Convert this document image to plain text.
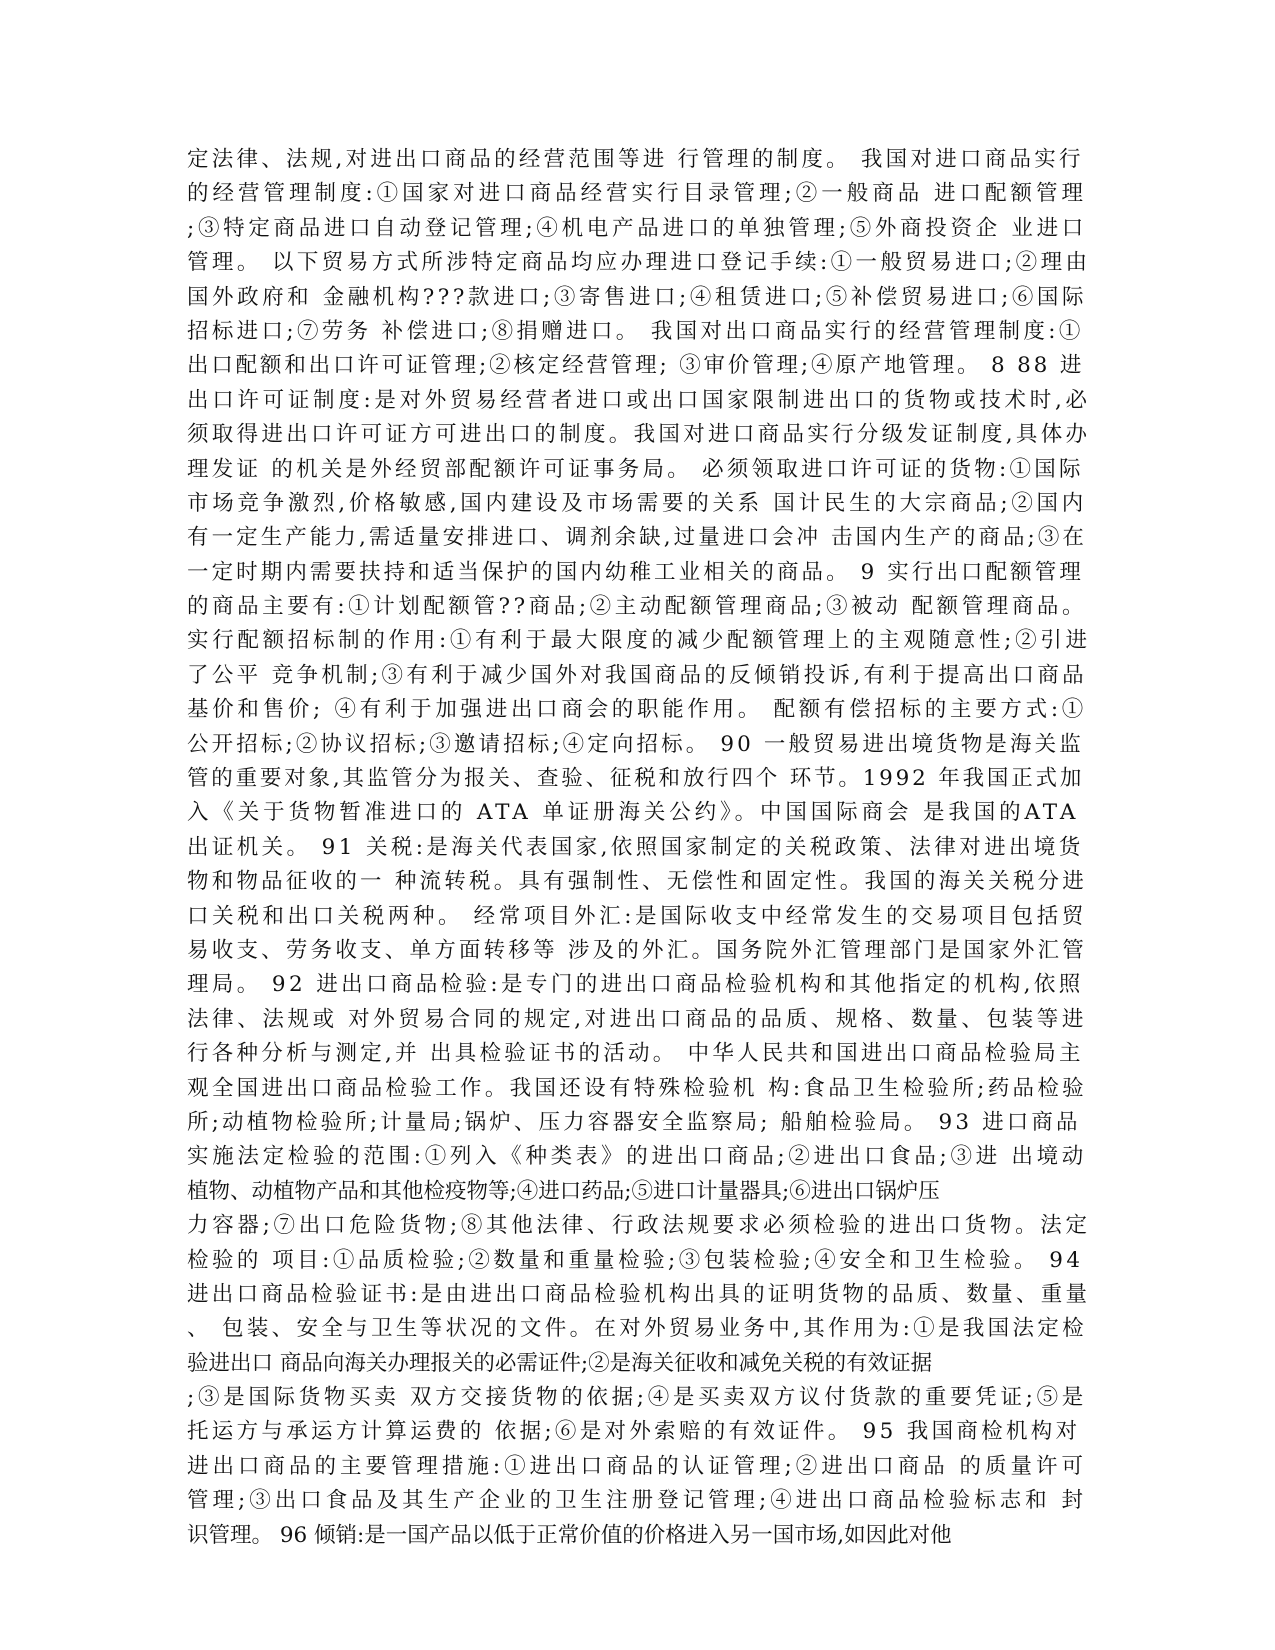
定法律、法规,对进出口商品的经营范围等进 行管理的制度。 我国对进口商品实行
的经营管理制度:①国家对进口商品经营实行目录管理;②一般商品 进口配额管理
;③特定商品进口自动登记管理;④机电产品进口的单独管理;⑤外商投资企 业进口
管理。 以下贸易方式所涉特定商品均应办理进口登记手续:①一般贸易进口;②理由
国外政府和 金融机构???款进口;③寄售进口;④租赁进口;⑤补偿贸易进口;⑥国际
招标进口;⑦劳务 补偿进口;⑧捐赠进口。 我国对出口商品实行的经营管理制度:①
出口配额和出口许可证管理;②核定经营管理; ③审价管理;④原产地管理。 8 88 进
出口许可证制度:是对外贸易经营者进口或出口国家限制进出口的货物或技术时,必
须取得进出口许可证方可进出口的制度。我国对进口商品实行分级发证制度,具体办
理发证 的机关是外经贸部配额许可证事务局。 必须领取进口许可证的货物:①国际
市场竞争激烈,价格敏感,国内建设及市场需要的关系 国计民生的大宗商品;②国内
有一定生产能力,需适量安排进口、调剂余缺,过量进口会冲 击国内生产的商品;③在
一定时期内需要扶持和适当保护的国内幼稚工业相关的商品。 9 实行出口配额管理
的商品主要有:①计划配额管??商品;②主动配额管理商品;③被动 配额管理商品。
实行配额招标制的作用:①有利于最大限度的减少配额管理上的主观随意性;②引进
了公平 竞争机制;③有利于减少国外对我国商品的反倾销投诉,有利于提高出口商品
基价和售价; ④有利于加强进出口商会的职能作用。 配额有偿招标的主要方式:①
公开招标;②协议招标;③邀请招标;④定向招标。 90 一般贸易进出境货物是海关监
管的重要对象,其监管分为报关、查验、征税和放行四个 环节。1992 年我国正式加
入《关于货物暂准进口的 ATA 单证册海关公约》。中国国际商会 是我国的ATA
出证机关。 91 关税:是海关代表国家,依照国家制定的关税政策、法律对进出境货
物和物品征收的一 种流转税。具有强制性、无偿性和固定性。我国的海关关税分进
口关税和出口关税两种。 经常项目外汇:是国际收支中经常发生的交易项目包括贸
易收支、劳务收支、单方面转移等 涉及的外汇。国务院外汇管理部门是国家外汇管
理局。 92 进出口商品检验:是专门的进出口商品检验机构和其他指定的机构,依照
法律、法规或 对外贸易合同的规定,对进出口商品的品质、规格、数量、包装等进
行各种分析与测定,并 出具检验证书的活动。 中华人民共和国进出口商品检验局主
观全国进出口商品检验工作。我国还设有特殊检验机 构:食品卫生检验所;药品检验
所;动植物检验所;计量局;锅炉、压力容器安全监察局; 船舶检验局。 93 进口商品
实施法定检验的范围:①列入《种类表》的进出口商品;②进出口食品;③进 出境动
植物、动植物产品和其他检疫物等;④进口药品;⑤进口计量器具;⑥进出口锅炉压
力容器;⑦出口危险货物;⑧其他法律、行政法规要求必须检验的进出口货物。法定
检验的 项目:①品质检验;②数量和重量检验;③包装检验;④安全和卫生检验。 94
进出口商品检验证书:是由进出口商品检验机构出具的证明货物的品质、数量、重量
、 包装、安全与卫生等状况的文件。在对外贸易业务中,其作用为:①是我国法定检
验进出口 商品向海关办理报关的必需证件;②是海关征收和减免关税的有效证据
;③是国际货物买卖 双方交接货物的依据;④是买卖双方议付货款的重要凭证;⑤是
托运方与承运方计算运费的 依据;⑥是对外索赔的有效证件。 95 我国商检机构对
进出口商品的主要管理措施:①进出口商品的认证管理;②进出口商品 的质量许可
管理;③出口食品及其生产企业的卫生注册登记管理;④进出口商品检验标志和 封
识管理。 96 倾销:是一国产品以低于正常价值的价格进入另一国市场,如因此对他
